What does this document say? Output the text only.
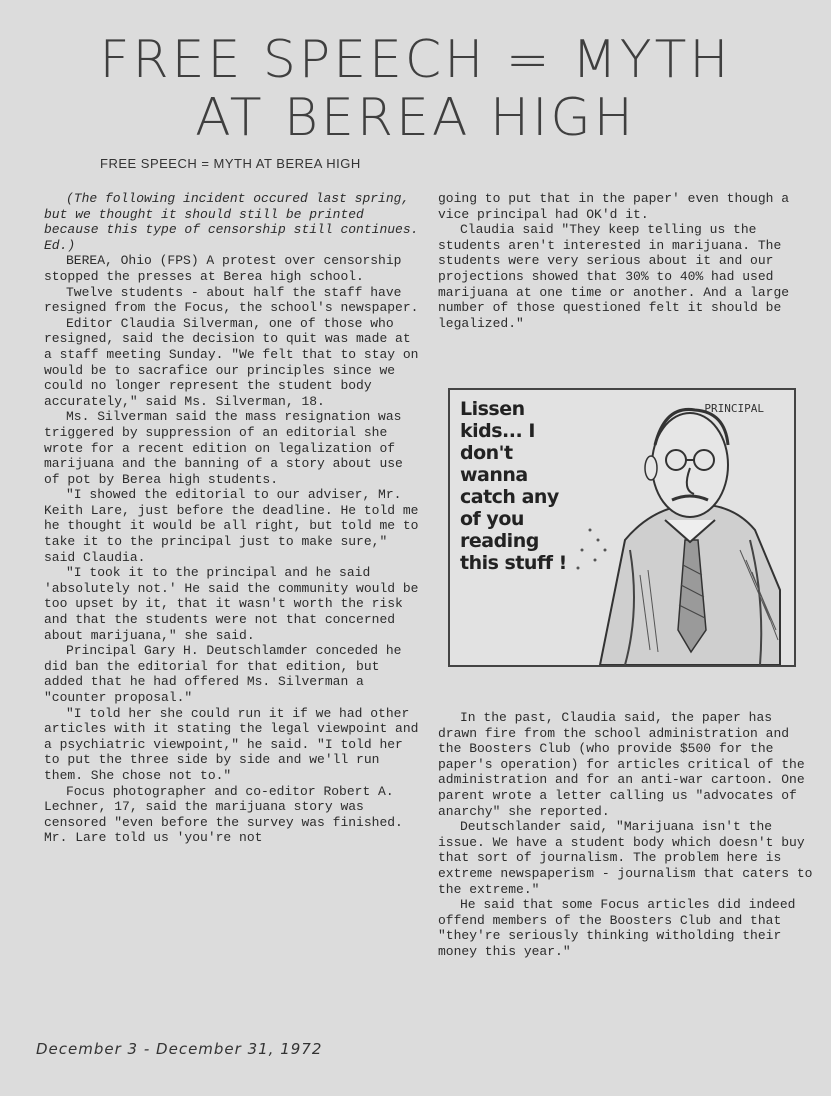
FREE SPEECH = MYTH
AT BEREA HIGH
FREE SPEECH = MYTH AT BEREA HIGH

(The following incident occured last spring, but we thought it should still be printed because this type of censorship still continues. Ed.)

BEREA, Ohio (FPS) A protest over censorship stopped the presses at Berea high school.

Twelve students - about half the staff have resigned from the Focus, the school's newspaper.

Editor Claudia Silverman, one of those who resigned, said the decision to quit was made at a staff meeting Sunday. "We felt that to stay on would be to sacrafice our principles since we could no longer represent the student body accurately," said Ms. Silverman, 18.

Ms. Silverman said the mass resignation was triggered by suppression of an editorial she wrote for a recent edition on legalization of marijuana and the banning of a story about use of pot by Berea high students.

"I showed the editorial to our adviser, Mr. Keith Lare, just before the deadline. He told me he thought it would be all right, but told me to take it to the principal just to make sure," said Claudia.

"I took it to the principal and he said 'absolutely not.' He said the community would be too upset by it, that it wasn't worth the risk and that the students were not that concerned about marijuana," she said.

Principal Gary H. Deutschlamder conceded he did ban the editorial for that edition, but added that he had offered Ms. Silverman a "counter proposal."

"I told her she could run it if we had other articles with it stating the legal viewpoint and a psychiatric viewpoint," he said. "I told her to put the three side by side and we'll run them. She chose not to."

Focus photographer and co-editor Robert A. Lechner, 17, said the marijuana story was censored "even before the survey was finished. Mr. Lare told us 'you're not

going to put that in the paper' even though a vice principal had OK'd it.

Claudia said "They keep telling us the students aren't interested in marijuana. The students were very serious about it and our projections showed that 30% to 40% had used marijuana at one time or another. And a large number of those questioned felt it should be legalized."

Lissen kids... I don't wanna catch any of you reading this stuff !
PRINCIPAL

In the past, Claudia said, the paper has drawn fire from the school administration and the Boosters Club (who provide $500 for the paper's operation) for articles critical of the administration and for an anti-war cartoon. One parent wrote a letter calling us "advocates of anarchy" she reported.

Deutschlander said, "Marijuana isn't the issue. We have a student body which doesn't buy that sort of journalism. The problem here is extreme newspaperism - journalism that caters to the extreme."

He said that some Focus articles did indeed offend members of the Boosters Club and that "they're seriously thinking witholding their money this year."

December 3 - December 31, 1972
